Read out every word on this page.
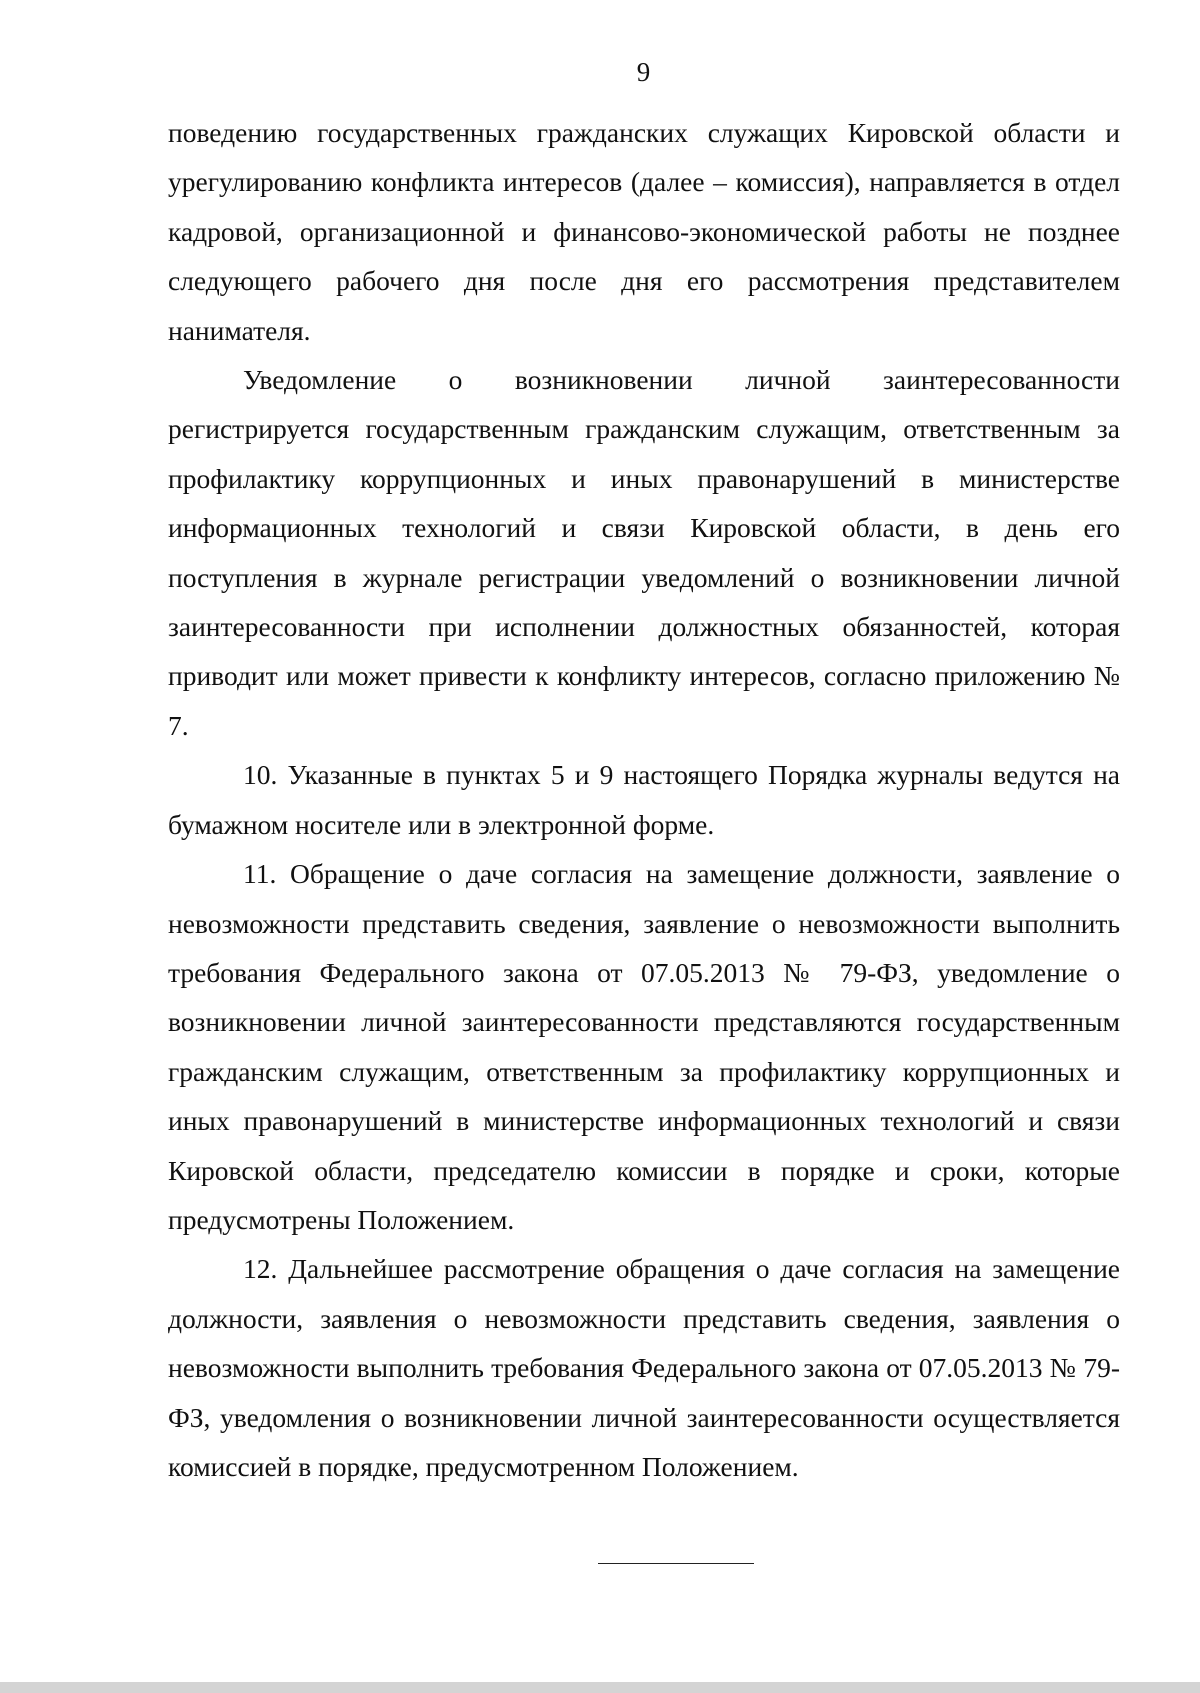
9

поведению государственных гражданских служащих Кировской области и урегулированию конфликта интересов (далее – комиссия), направляется в отдел кадровой, организационной и финансово-экономической работы не позднее следующего рабочего дня после дня его рассмотрения представителем нанимателя.

Уведомление о возникновении личной заинтересованности регистрируется государственным гражданским служащим, ответственным за профилактику коррупционных и иных правонарушений в министерстве информационных технологий и связи Кировской области, в день его поступления в журнале регистрации уведомлений о возникновении личной заинтересованности при исполнении должностных обязанностей, которая приводит или может привести к конфликту интересов, согласно приложению № 7.

10. Указанные в пунктах 5 и 9 настоящего Порядка журналы ведутся на бумажном носителе или в электронной форме.

11. Обращение о даче согласия на замещение должности, заявление о невозможности представить сведения, заявление о невозможности выполнить требования Федерального закона от 07.05.2013 № 79-ФЗ, уведомление о возникновении личной заинтересованности представляются государственным гражданским служащим, ответственным за профилактику коррупционных и иных правонарушений в министерстве информационных технологий и связи Кировской области, председателю комиссии в порядке и сроки, которые предусмотрены Положением.

12. Дальнейшее рассмотрение обращения о даче согласия на замещение должности, заявления о невозможности представить сведения, заявления о невозможности выполнить требования Федерального закона от 07.05.2013 № 79-ФЗ, уведомления о возникновении личной заинтересованности осуществляется комиссией в порядке, предусмотренном Положением.
